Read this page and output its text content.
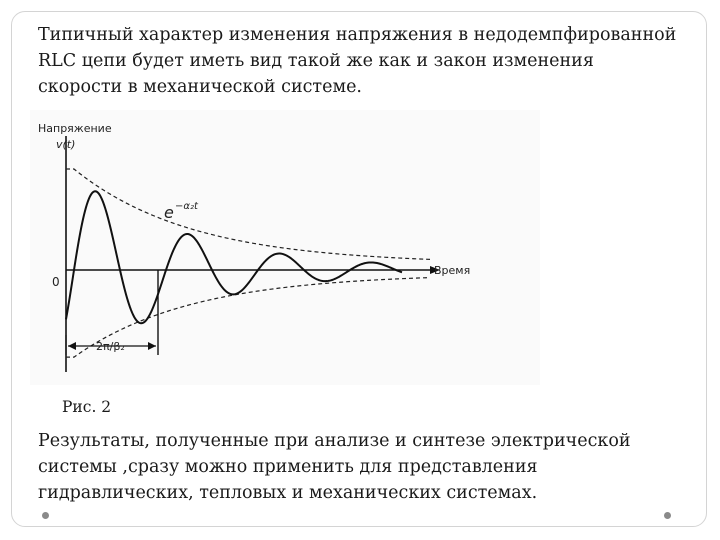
Типичный характер изменения напряжения в недодемпфированной RLC цепи будет иметь вид такой же как и закон изменения скорости в механической системе.

Напряжение
v(t)
Время
0
e −α₂t
2π/β₂
Рис. 2

Результаты, полученные при анализе и синтезе электрической системы ,сразу можно применить для представления гидравлических, тепловых и механических системах.
